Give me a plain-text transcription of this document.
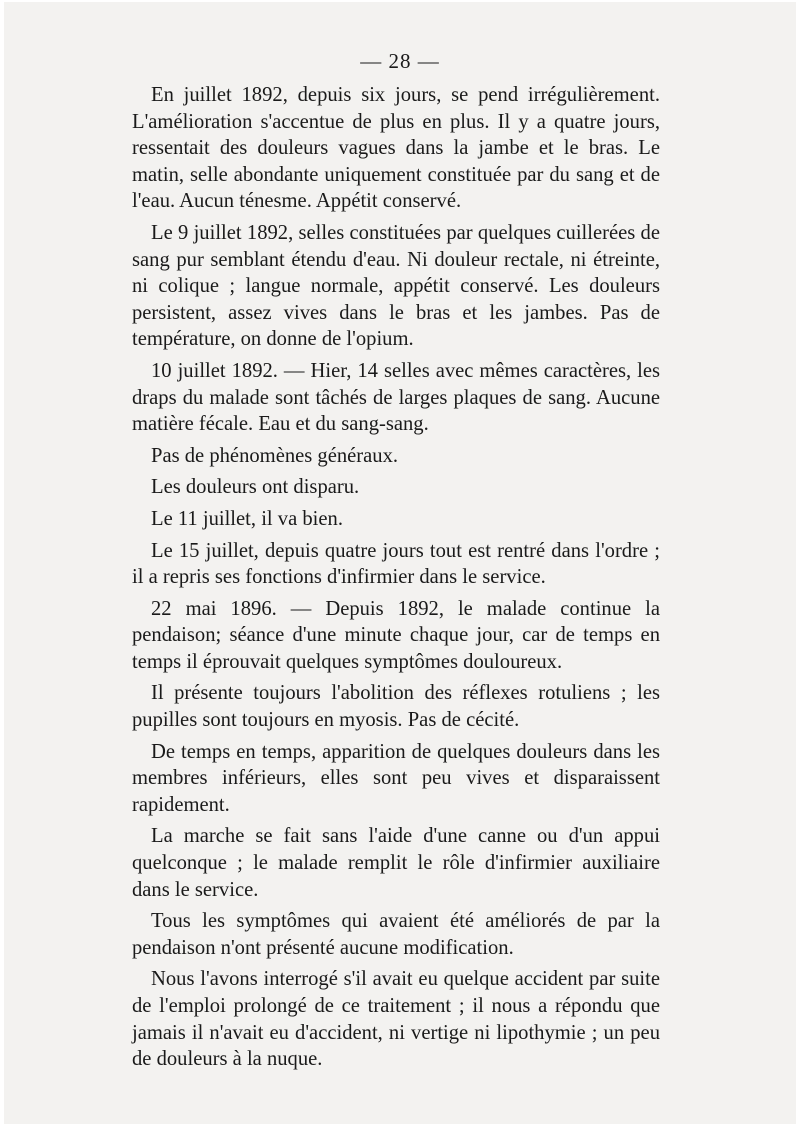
— 28 —

En juillet 1892, depuis six jours, se pend irrégulièrement. L'amélioration s'accentue de plus en plus. Il y a quatre jours, ressentait des douleurs vagues dans la jambe et le bras. Le matin, selle abondante uniquement constituée par du sang et de l'eau. Aucun ténesme. Appétit conservé.

Le 9 juillet 1892, selles constituées par quelques cuillerées de sang pur semblant étendu d'eau. Ni douleur rectale, ni étreinte, ni colique ; langue normale, appétit conservé. Les douleurs persistent, assez vives dans le bras et les jambes. Pas de température, on donne de l'opium.

10 juillet 1892. — Hier, 14 selles avec mêmes caractères, les draps du malade sont tâchés de larges plaques de sang. Aucune matière fécale. Eau et du sang-sang.

Pas de phénomènes généraux.

Les douleurs ont disparu.

Le 11 juillet, il va bien.

Le 15 juillet, depuis quatre jours tout est rentré dans l'ordre ; il a repris ses fonctions d'infirmier dans le service.

22 mai 1896. — Depuis 1892, le malade continue la pendaison; séance d'une minute chaque jour, car de temps en temps il éprouvait quelques symptômes douloureux.

Il présente toujours l'abolition des réflexes rotuliens ; les pupilles sont toujours en myosis. Pas de cécité.

De temps en temps, apparition de quelques douleurs dans les membres inférieurs, elles sont peu vives et disparaissent rapidement.

La marche se fait sans l'aide d'une canne ou d'un appui quelconque ; le malade remplit le rôle d'infirmier auxiliaire dans le service.

Tous les symptômes qui avaient été améliorés de par la pendaison n'ont présenté aucune modification.

Nous l'avons interrogé s'il avait eu quelque accident par suite de l'emploi prolongé de ce traitement ; il nous a répondu que jamais il n'avait eu d'accident, ni vertige ni lipothymie ; un peu de douleurs à la nuque.
